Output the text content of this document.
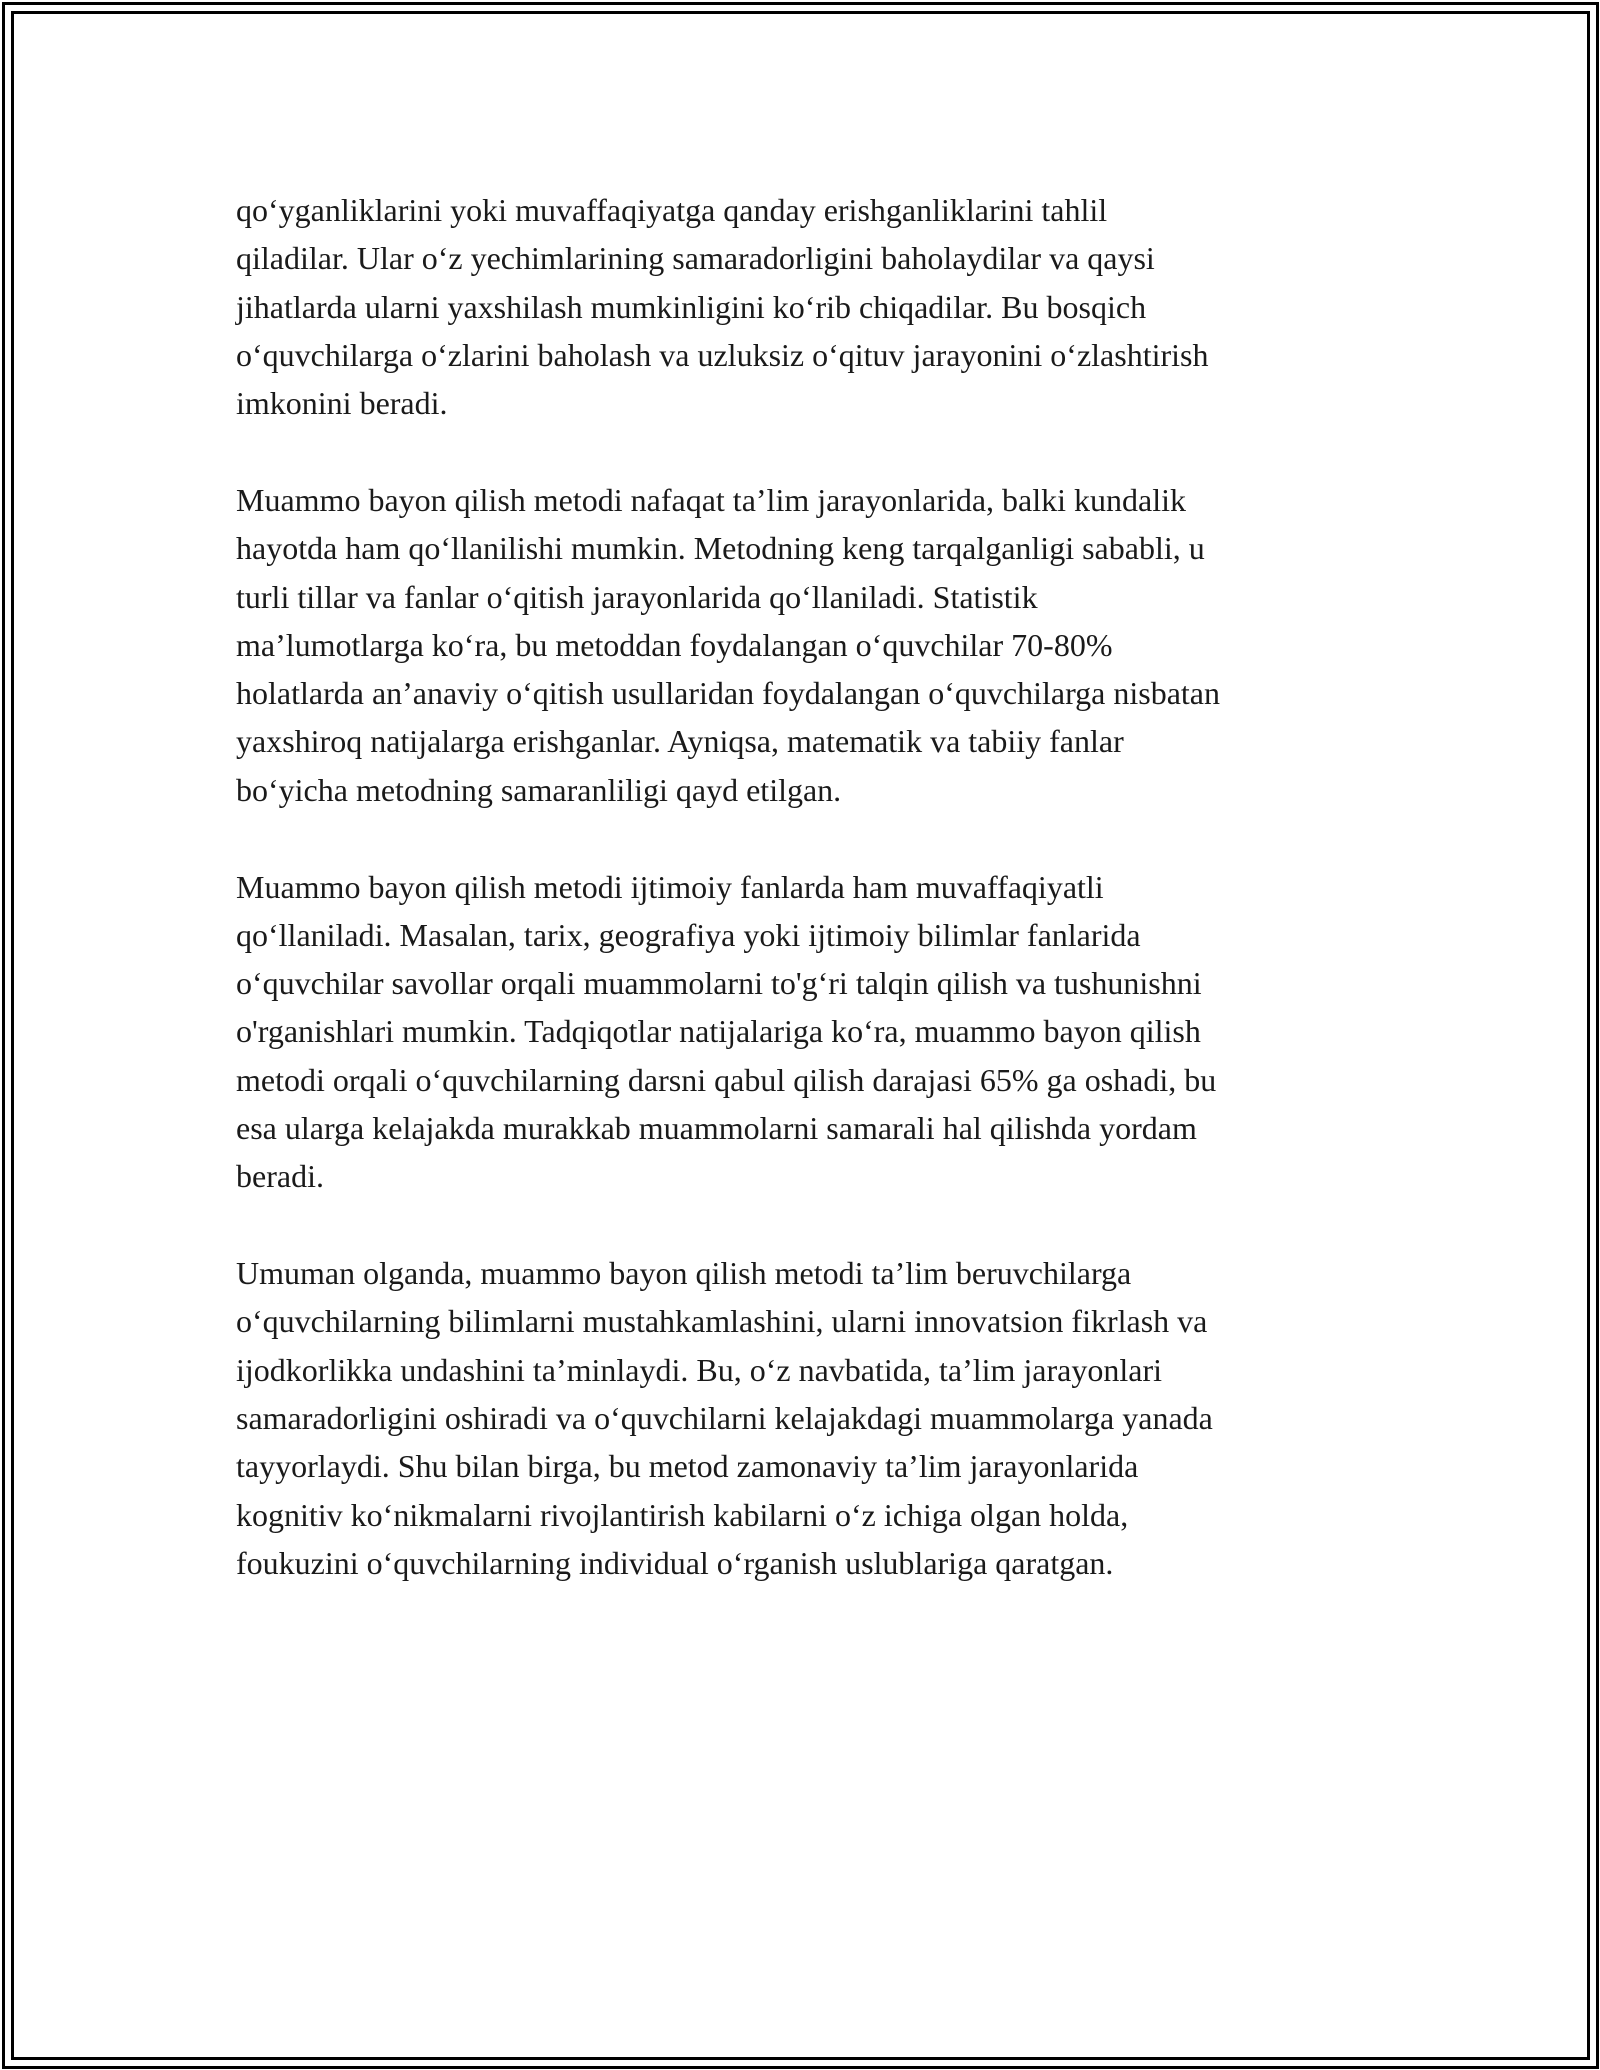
qo‘yganliklarini yoki muvaffaqiyatga qanday erishganliklarini tahlil
qiladilar. Ular o‘z yechimlarining samaradorligini baholaydilar va qaysi
jihatlarda ularni yaxshilash mumkinligini ko‘rib chiqadilar. Bu bosqich
o‘quvchilarga o‘zlarini baholash va uzluksiz o‘qituv jarayonini o‘zlashtirish
imkonini beradi.

Muammo bayon qilish metodi nafaqat ta’lim jarayonlarida, balki kundalik
hayotda ham qo‘llanilishi mumkin. Metodning keng tarqalganligi sababli, u
turli tillar va fanlar o‘qitish jarayonlarida qo‘llaniladi. Statistik
ma’lumotlarga ko‘ra, bu metoddan foydalangan o‘quvchilar 70-80%
holatlarda an’anaviy o‘qitish usullaridan foydalangan o‘quvchilarga nisbatan
yaxshiroq natijalarga erishganlar. Ayniqsa, matematik va tabiiy fanlar
bo‘yicha metodning samaranliligi qayd etilgan.

Muammo bayon qilish metodi ijtimoiy fanlarda ham muvaffaqiyatli
qo‘llaniladi. Masalan, tarix, geografiya yoki ijtimoiy bilimlar fanlarida
o‘quvchilar savollar orqali muammolarni to'g‘ri talqin qilish va tushunishni
o'rganishlari mumkin. Tadqiqotlar natijalariga ko‘ra, muammo bayon qilish
metodi orqali o‘quvchilarning darsni qabul qilish darajasi 65% ga oshadi, bu
esa ularga kelajakda murakkab muammolarni samarali hal qilishda yordam
beradi.

Umuman olganda, muammo bayon qilish metodi ta’lim beruvchilarga
o‘quvchilarning bilimlarni mustahkamlashini, ularni innovatsion fikrlash va
ijodkorlikka undashini ta’minlaydi. Bu, o‘z navbatida, ta’lim jarayonlari
samaradorligini oshiradi va o‘quvchilarni kelajakdagi muammolarga yanada
tayyorlaydi. Shu bilan birga, bu metod zamonaviy ta’lim jarayonlarida
kognitiv ko‘nikmalarni rivojlantirish kabilarni o‘z ichiga olgan holda,
foukuzini o‘quvchilarning individual o‘rganish uslublariga qaratgan.
